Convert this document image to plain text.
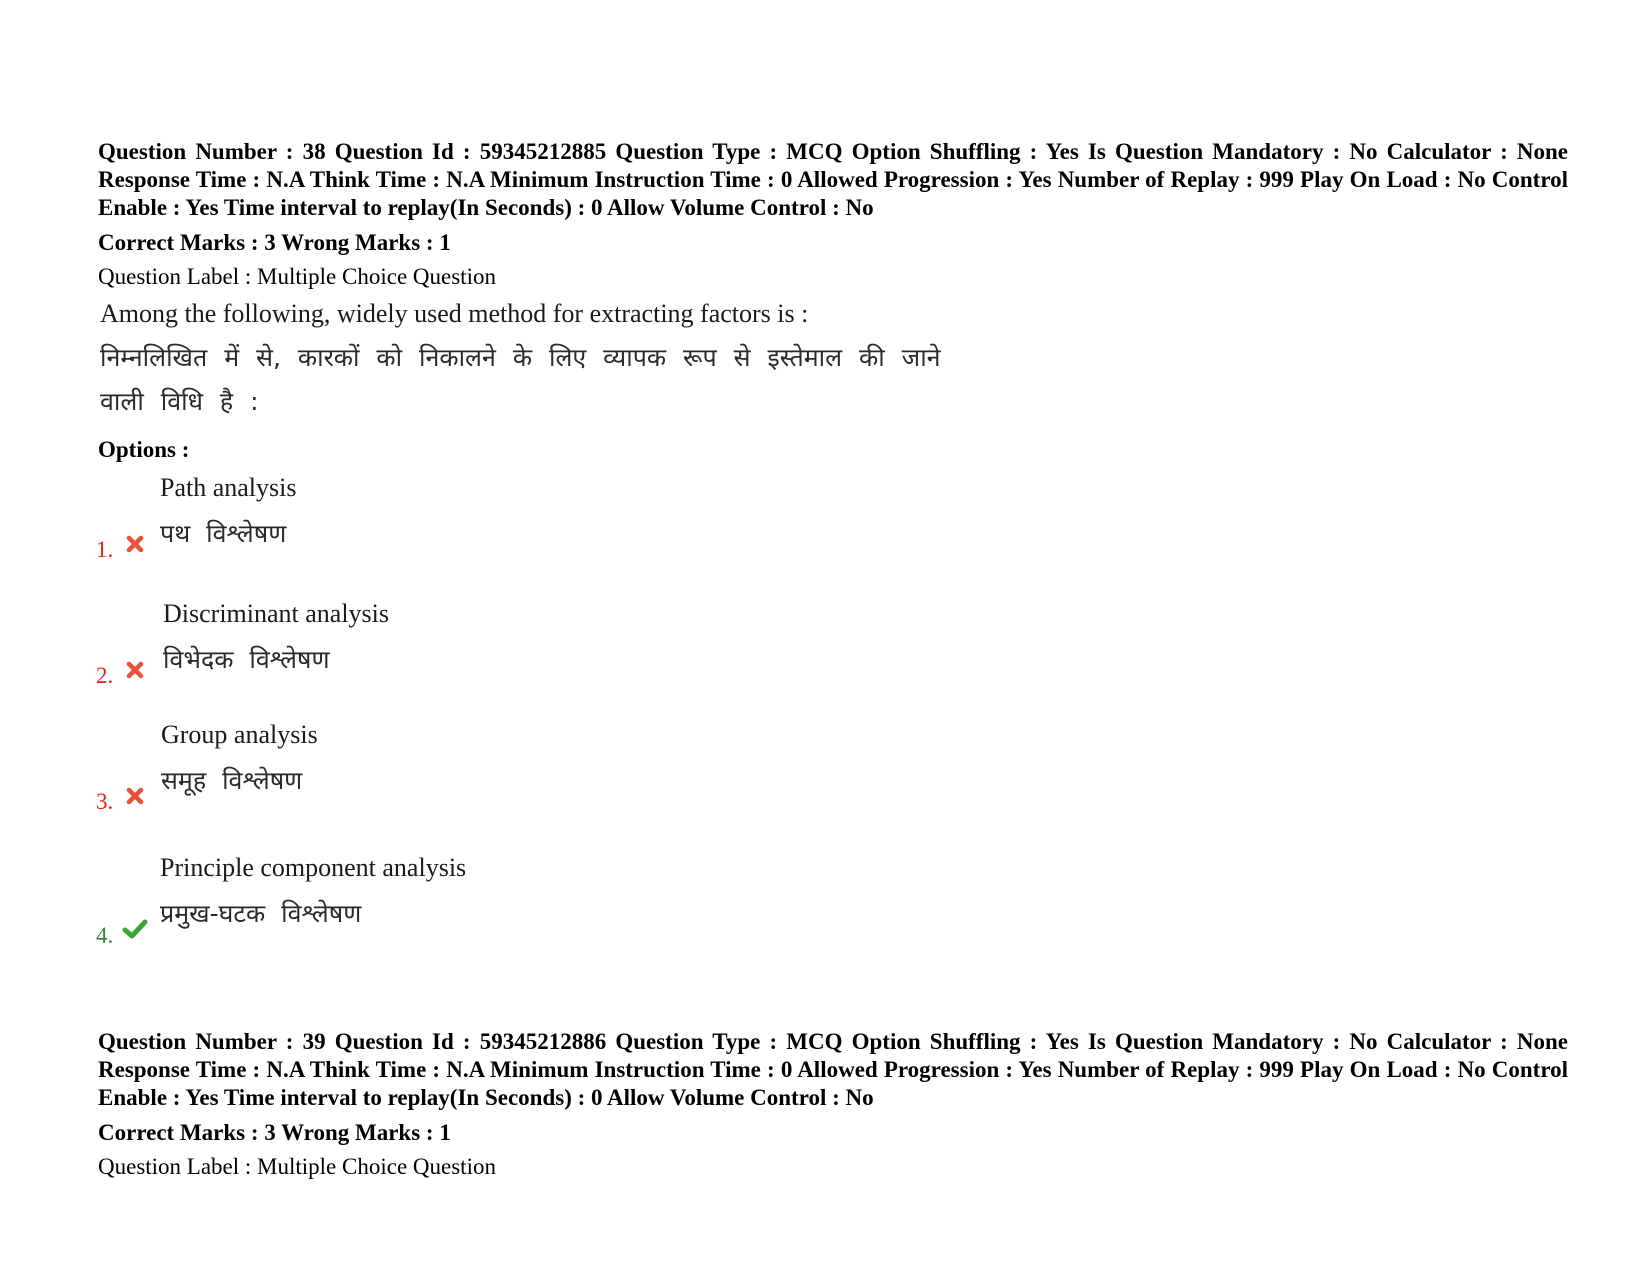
Question Number : 38 Question Id : 59345212885 Question Type : MCQ Option Shuffling : Yes Is Question Mandatory : No Calculator : None Response Time : N.A Think Time : N.A Minimum Instruction Time : 0 Allowed Progression : Yes Number of Replay : 999 Play On Load : No Control Enable : Yes Time interval to replay(In Seconds) : 0 Allow Volume Control : No
Correct Marks : 3 Wrong Marks : 1
Question Label : Multiple Choice Question
Among the following, widely used method for extracting factors is :
निम्नलिखित में से, कारकों को निकालने के लिए व्यापक रूप से इस्तेमाल की जाने
वाली विधि है :
Options :
Path analysis
पथ विश्लेषण
1.
Discriminant analysis
विभेदक विश्लेषण
2.
Group analysis
समूह विश्लेषण
3.
Principle component analysis
प्रमुख-घटक विश्लेषण
4.
Question Number : 39 Question Id : 59345212886 Question Type : MCQ Option Shuffling : Yes Is Question Mandatory : No Calculator : None Response Time : N.A Think Time : N.A Minimum Instruction Time : 0 Allowed Progression : Yes Number of Replay : 999 Play On Load : No Control Enable : Yes Time interval to replay(In Seconds) : 0 Allow Volume Control : No
Correct Marks : 3 Wrong Marks : 1
Question Label : Multiple Choice Question
